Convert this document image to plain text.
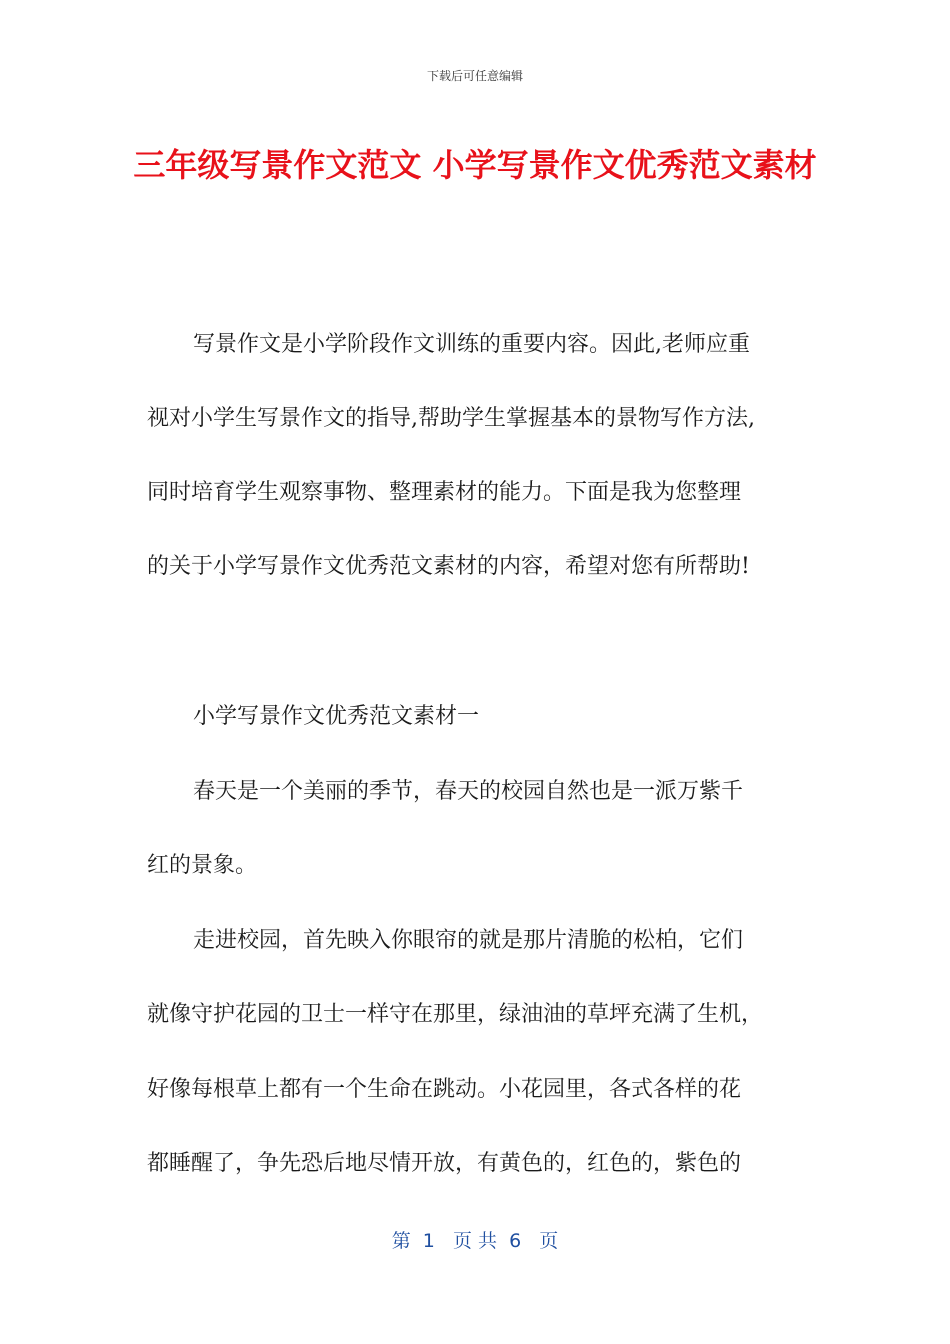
下载后可任意编辑
三年级写景作文范文 小学写景作文优秀范文素材
写景作文是小学阶段作文训练的重要内容。因此,老师应重
视对小学生写景作文的指导,帮助学生掌握基本的景物写作方法,
同时培育学生观察事物、整理素材的能力。下面是我为您整理
的关于小学写景作文优秀范文素材的内容，希望对您有所帮助!
小学写景作文优秀范文素材一
春天是一个美丽的季节，春天的校园自然也是一派万紫千
红的景象。
走进校园，首先映入你眼帘的就是那片清脆的松柏，它们
就像守护花园的卫士一样守在那里，绿油油的草坪充满了生机，
好像每根草上都有一个生命在跳动。小花园里，各式各样的花
都睡醒了，争先恐后地尽情开放，有黄色的，红色的，紫色的
第  1   页 共  6   页
